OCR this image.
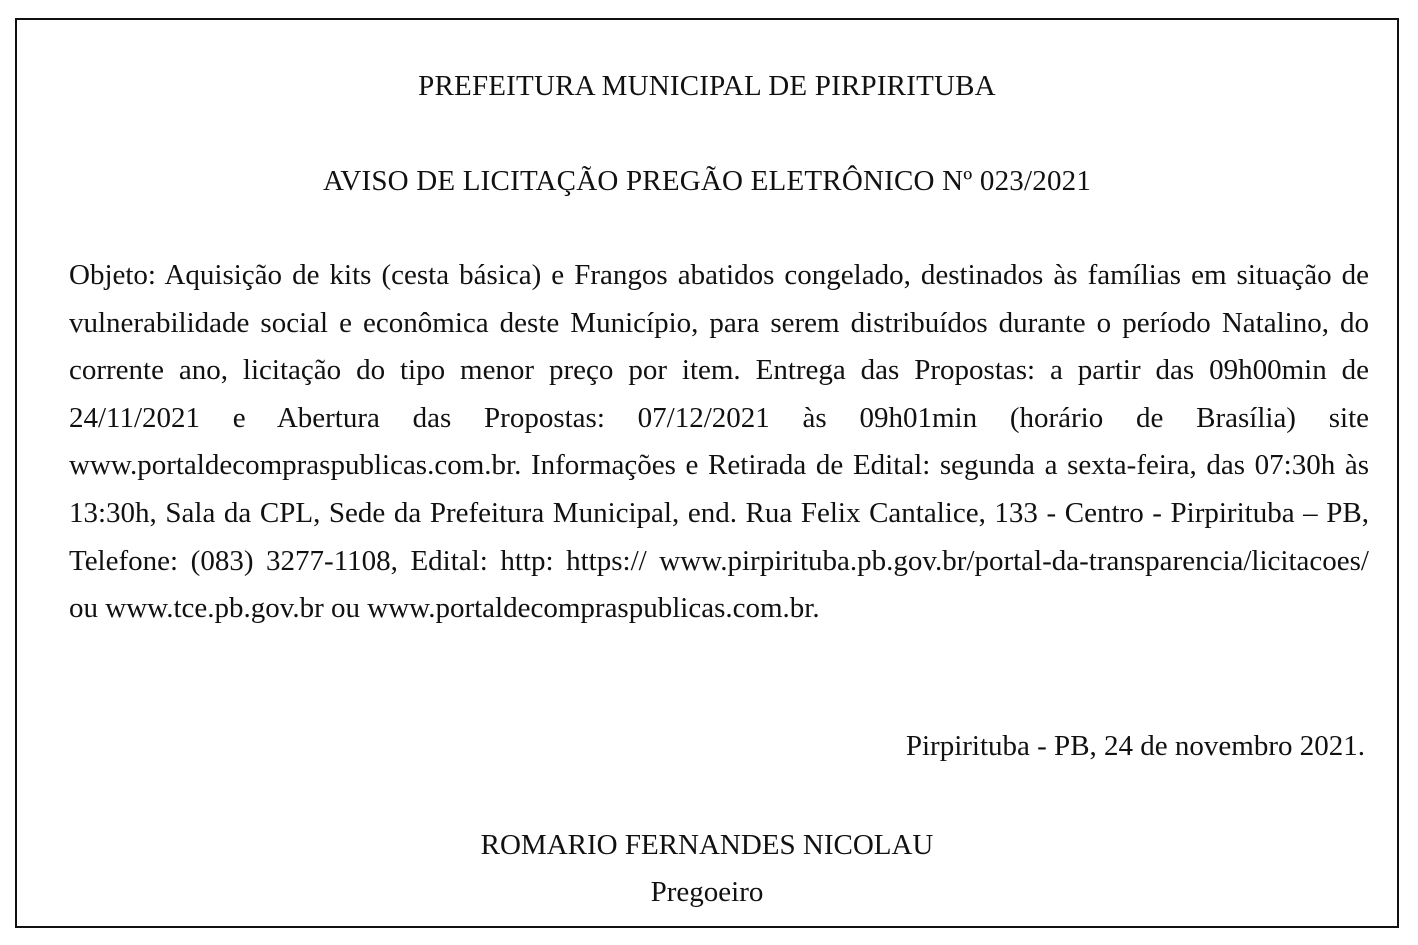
PREFEITURA MUNICIPAL DE PIRPIRITUBA
AVISO DE LICITAÇÃO PREGÃO ELETRÔNICO Nº 023/2021
Objeto: Aquisição de kits (cesta básica) e Frangos abatidos congelado, destinados às famílias em situação de vulnerabilidade social e econômica deste Município, para serem distribuídos durante o período Natalino, do corrente ano, licitação do tipo menor preço por item. Entrega das Propostas: a partir das 09h00min de 24/11/2021 e Abertura das Propostas: 07/12/2021 às 09h01min (horário de Brasília) site www.portaldecompraspublicas.com.br. Informações e Retirada de Edital: segunda a sexta-feira, das 07:30h às 13:30h, Sala da CPL, Sede da Prefeitura Municipal, end. Rua Felix Cantalice, 133 - Centro - Pirpirituba – PB, Telefone: (083) 3277-1108, Edital: http: https:// www.pirpirituba.pb.gov.br/portal-da-transparencia/licitacoes/ ou www.tce.pb.gov.br ou www.portaldecompraspublicas.com.br.
Pirpirituba - PB, 24 de novembro 2021.
ROMARIO FERNANDES NICOLAU
Pregoeiro
